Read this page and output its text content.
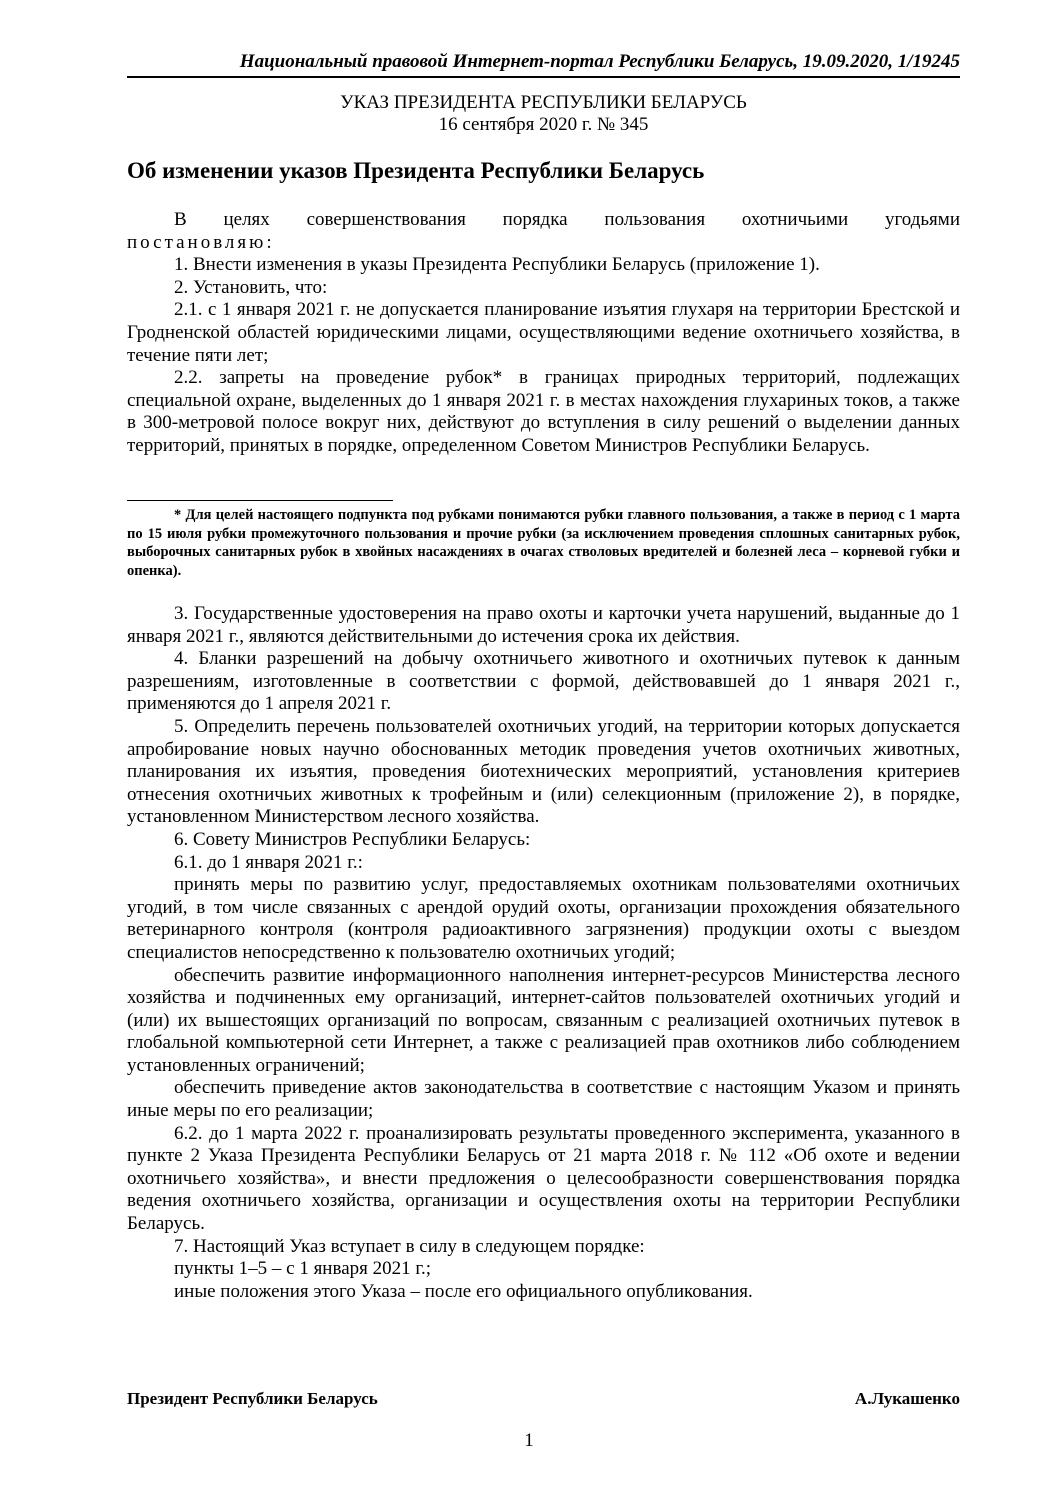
Национальный правовой Интернет-портал Республики Беларусь, 19.09.2020, 1/19245
УКАЗ ПРЕЗИДЕНТА РЕСПУБЛИКИ БЕЛАРУСЬ
16 сентября 2020 г. № 345
Об изменении указов Президента Республики Беларусь

В целях совершенствования порядка пользования охотничьими угодьями

постановляю:

1. Внести изменения в указы Президента Республики Беларусь (приложение 1).

2. Установить, что:

2.1. с 1 января 2021 г. не допускается планирование изъятия глухаря на территории Брестской и Гродненской областей юридическими лицами, осуществляющими ведение охотничьего хозяйства, в течение пяти лет;

2.2. запреты на проведение рубок* в границах природных территорий, подлежащих специальной охране, выделенных до 1 января 2021 г. в местах нахождения глухариных токов, а также в 300-метровой полосе вокруг них, действуют до вступления в силу решений о выделении данных территорий, принятых в порядке, определенном Советом Министров Республики Беларусь.

* Для целей настоящего подпункта под рубками понимаются рубки главного пользования, а также в период с 1 марта по 15 июля рубки промежуточного пользования и прочие рубки (за исключением проведения сплошных санитарных рубок, выборочных санитарных рубок в хвойных насаждениях в очагах стволовых вредителей и болезней леса – корневой губки и опенка).

3. Государственные удостоверения на право охоты и карточки учета нарушений, выданные до 1 января 2021 г., являются действительными до истечения срока их действия.

4. Бланки разрешений на добычу охотничьего животного и охотничьих путевок к данным разрешениям, изготовленные в соответствии с формой, действовавшей до 1 января 2021 г., применяются до 1 апреля 2021 г.

5. Определить перечень пользователей охотничьих угодий, на территории которых допускается апробирование новых научно обоснованных методик проведения учетов охотничьих животных, планирования их изъятия, проведения биотехнических мероприятий, установления критериев отнесения охотничьих животных к трофейным и (или) селекционным (приложение 2), в порядке, установленном Министерством лесного хозяйства.

6. Совету Министров Республики Беларусь:

6.1. до 1 января 2021 г.:

принять меры по развитию услуг, предоставляемых охотникам пользователями охотничьих угодий, в том числе связанных с арендой орудий охоты, организации прохождения обязательного ветеринарного контроля (контроля радиоактивного загрязнения) продукции охоты с выездом специалистов непосредственно к пользователю охотничьих угодий;

обеспечить развитие информационного наполнения интернет-ресурсов Министерства лесного хозяйства и подчиненных ему организаций, интернет-сайтов пользователей охотничьих угодий и (или) их вышестоящих организаций по вопросам, связанным с реализацией охотничьих путевок в глобальной компьютерной сети Интернет, а также с реализацией прав охотников либо соблюдением установленных ограничений;

обеспечить приведение актов законодательства в соответствие с настоящим Указом и принять иные меры по его реализации;

6.2. до 1 марта 2022 г. проанализировать результаты проведенного эксперимента, указанного в пункте 2 Указа Президента Республики Беларусь от 21 марта 2018 г. № 112 «Об охоте и ведении охотничьего хозяйства», и внести предложения о целесообразности совершенствования порядка ведения охотничьего хозяйства, организации и осуществления охоты на территории Республики Беларусь.

7. Настоящий Указ вступает в силу в следующем порядке:

пункты 1–5 – с 1 января 2021 г.;

иные положения этого Указа – после его официального опубликования.

Президент Республики Беларусь	А.Лукашенко
1
